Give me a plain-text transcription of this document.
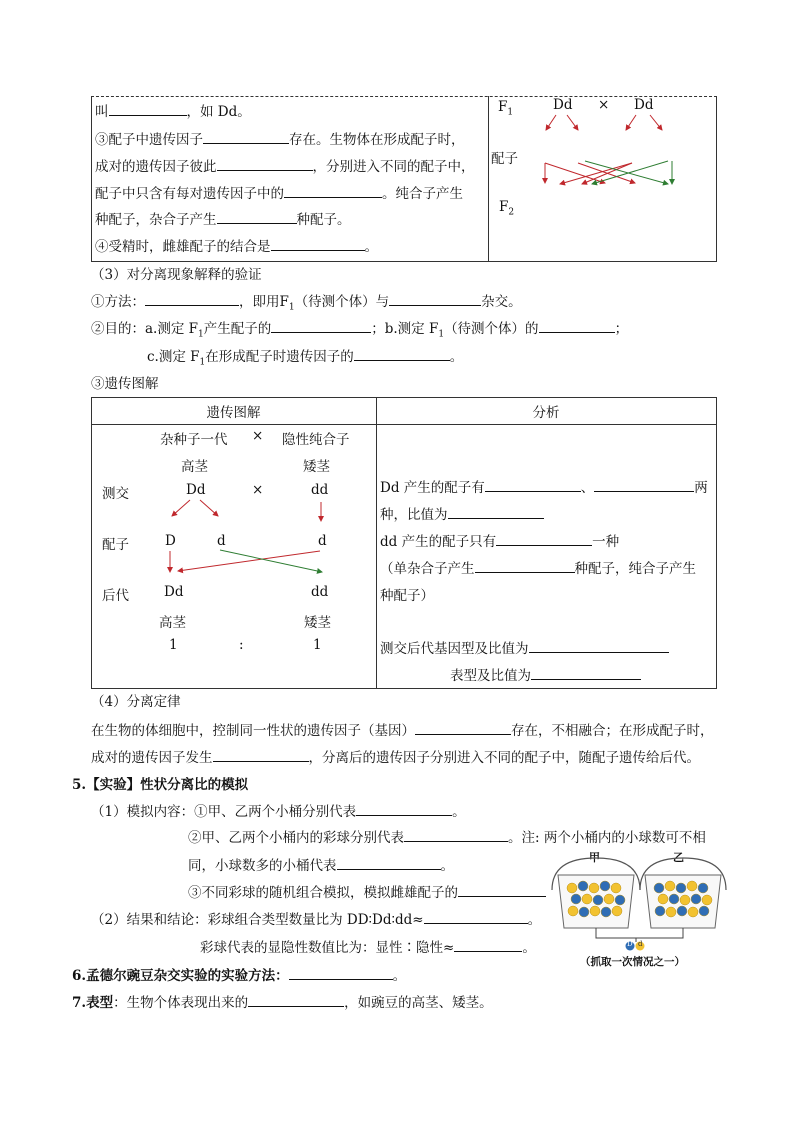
叫	，如 Dd。
③配子中遗传因子	存在。生物体在形成配子时，
成对的遗传因子彼此	，分别进入不同的配子中，
配子中只含有每对遗传因子中的	。纯合子产生
种配子，杂合子产生	种配子。
④受精时，雌雄配子的结合是	。
$F_1$	Dd × Dd
配子
$F_2$
（3）对分离现象解释的验证
①方法：	，即用$F_1$（待测个体）与	杂交。
②目的：a.测定 $F_1$产生配子的	；b.测定 $F_1$（待测个体）的	；
c.测定 $F_1$在形成配子时遗传因子的	。
③遗传图解
遗传图解	分析
杂种子一代 × 隐性纯合子
高茎	矮茎
测交	Dd	×	dd
配子	D	d	d
后代	Dd	dd
高茎	矮茎
1	:	1
Dd 产生的配子有	、	两
种，比值为
dd 产生的配子只有	一种
（单杂合子产生	种配子，纯合子产生
种配子）
测交后代基因型及比值为
表型及比值为
（4）分离定律
在生物的体细胞中，控制同一性状的遗传因子（基因）	存在，不相融合；在形成配子时，
成对的遗传因子发生	，分离后的遗传因子分别进入不同的配子中，随配子遗传给后代。
5.【实验】性状分离比的模拟
（1）模拟内容：①甲、乙两个小桶分别代表	。
②甲、乙两个小桶内的彩球分别代表	。注: 两个小桶内的小球数可不相
同，小球数多的小桶代表	。
③不同彩球的随机组合模拟，模拟雌雄配子的
（2）结果和结论：彩球组合类型数量比为 DD∶Dd∶dd≈	。
彩球代表的显隐性数值比为：显性∶隐性≈	。
甲	乙
D d
（抓取一次情况之一）
6.孟德尔豌豆杂交实验的实验方法：	。
7.表型：生物个体表现出来的	，如豌豆的高茎、矮茎。
